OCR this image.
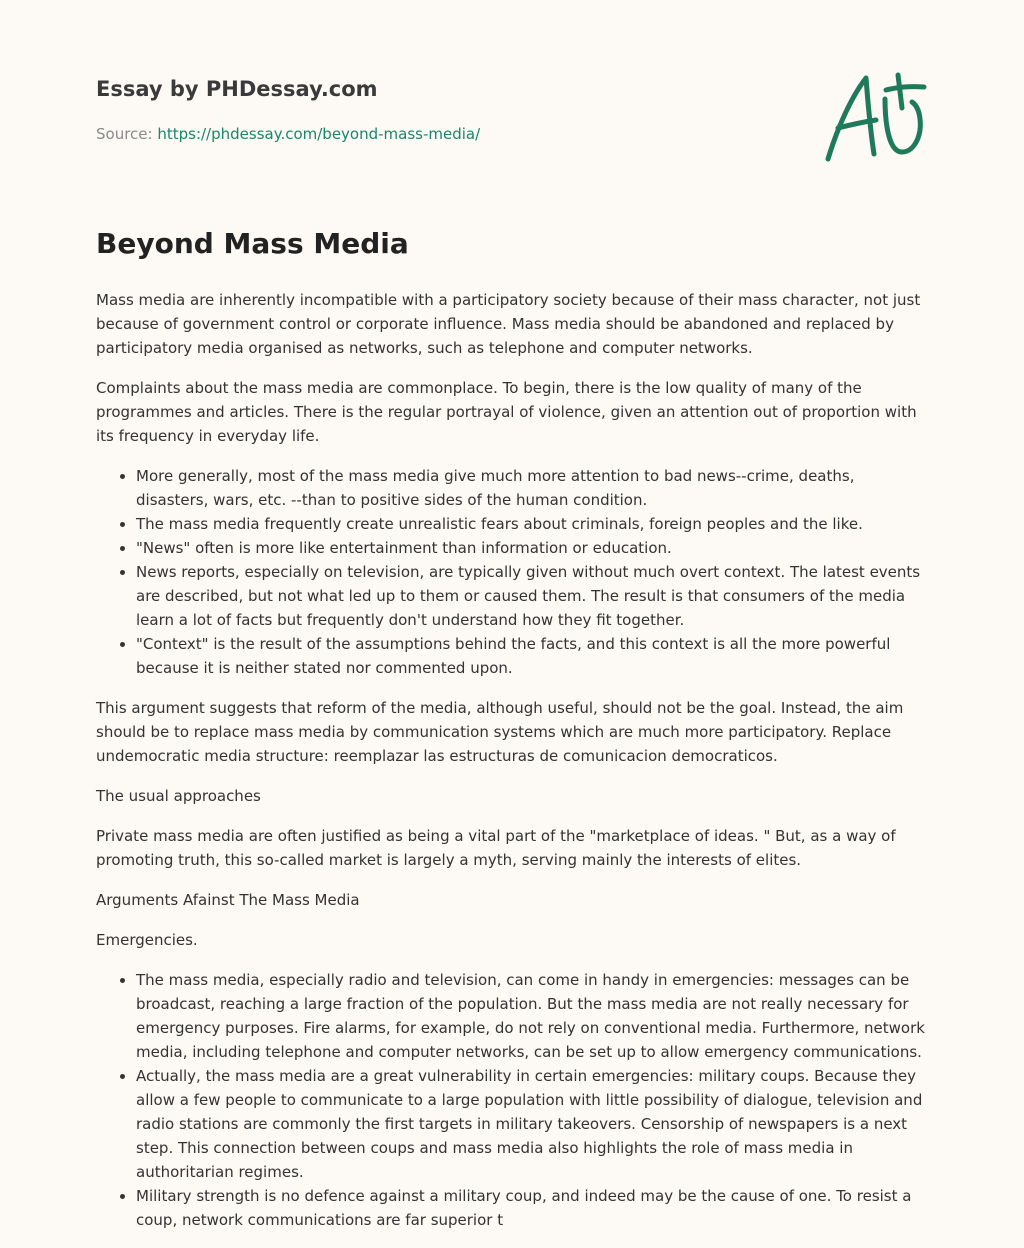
Essay by PHDessay.com
Source: https://phdessay.com/beyond-mass-media/
Beyond Mass Media

Mass media are inherently incompatible with a participatory society because of their mass character, not just because of government control or corporate influence. Mass media should be abandoned and replaced by participatory media organised as networks, such as telephone and computer networks.

Complaints about the mass media are commonplace. To begin, there is the low quality of many of the programmes and articles. There is the regular portrayal of violence, given an attention out of proportion with its frequency in everyday life.

• More generally, most of the mass media give much more attention to bad news--crime, deaths, disasters, wars, etc. --than to positive sides of the human condition.
• The mass media frequently create unrealistic fears about criminals, foreign peoples and the like.
• "News" often is more like entertainment than information or education.
• News reports, especially on television, are typically given without much overt context. The latest events are described, but not what led up to them or caused them. The result is that consumers of the media learn a lot of facts but frequently don't understand how they fit together.
• "Context" is the result of the assumptions behind the facts, and this context is all the more powerful because it is neither stated nor commented upon.

This argument suggests that reform of the media, although useful, should not be the goal. Instead, the aim should be to replace mass media by communication systems which are much more participatory. Replace undemocratic media structure: reemplazar las estructuras de comunicacion democraticos.

The usual approaches

Private mass media are often justified as being a vital part of the "marketplace of ideas. " But, as a way of promoting truth, this so-called market is largely a myth, serving mainly the interests of elites.

Arguments Afainst The Mass Media

Emergencies.

• The mass media, especially radio and television, can come in handy in emergencies: messages can be broadcast, reaching a large fraction of the population. But the mass media are not really necessary for emergency purposes. Fire alarms, for example, do not rely on conventional media. Furthermore, network media, including telephone and computer networks, can be set up to allow emergency communications.
• Actually, the mass media are a great vulnerability in certain emergencies: military coups. Because they allow a few people to communicate to a large population with little possibility of dialogue, television and radio stations are commonly the first targets in military takeovers. Censorship of newspapers is a next step. This connection between coups and mass media also highlights the role of mass media in authoritarian regimes.
• Military strength is no defence against a military coup, and indeed may be the cause of one. To resist a coup, network communications are far superior t
